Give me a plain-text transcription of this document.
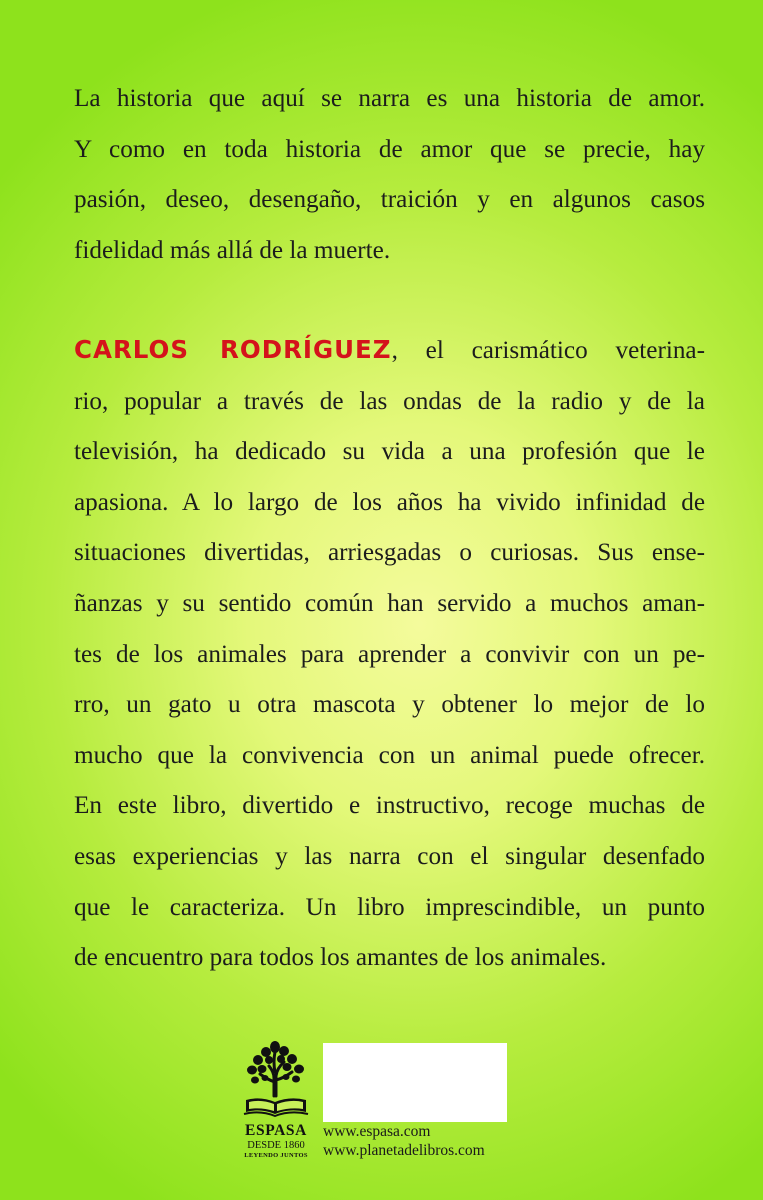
La historia que aquí se narra es una historia de amor.
Y como en toda historia de amor que se precie, hay
pasión, deseo, desengaño, traición y en algunos casos
fidelidad más allá de la muerte.

CARLOS RODRÍGUEZ, el carismático veterina-
rio, popular a través de las ondas de la radio y de la
televisión, ha dedicado su vida a una profesión que le
apasiona. A lo largo de los años ha vivido infinidad de
situaciones divertidas, arriesgadas o curiosas. Sus ense-
ñanzas y su sentido común han servido a muchos aman-
tes de los animales para aprender a convivir con un pe-
rro, un gato u otra mascota y obtener lo mejor de lo
mucho que la convivencia con un animal puede ofrecer.
En este libro, divertido e instructivo, recoge muchas de
esas experiencias y las narra con el singular desenfado
que le caracteriza. Un libro imprescindible, un punto
de encuentro para todos los amantes de los animales.

ESPASA
DESDE 1860
LEYENDO JUNTOS
www.espasa.com
www.planetadelibros.com
